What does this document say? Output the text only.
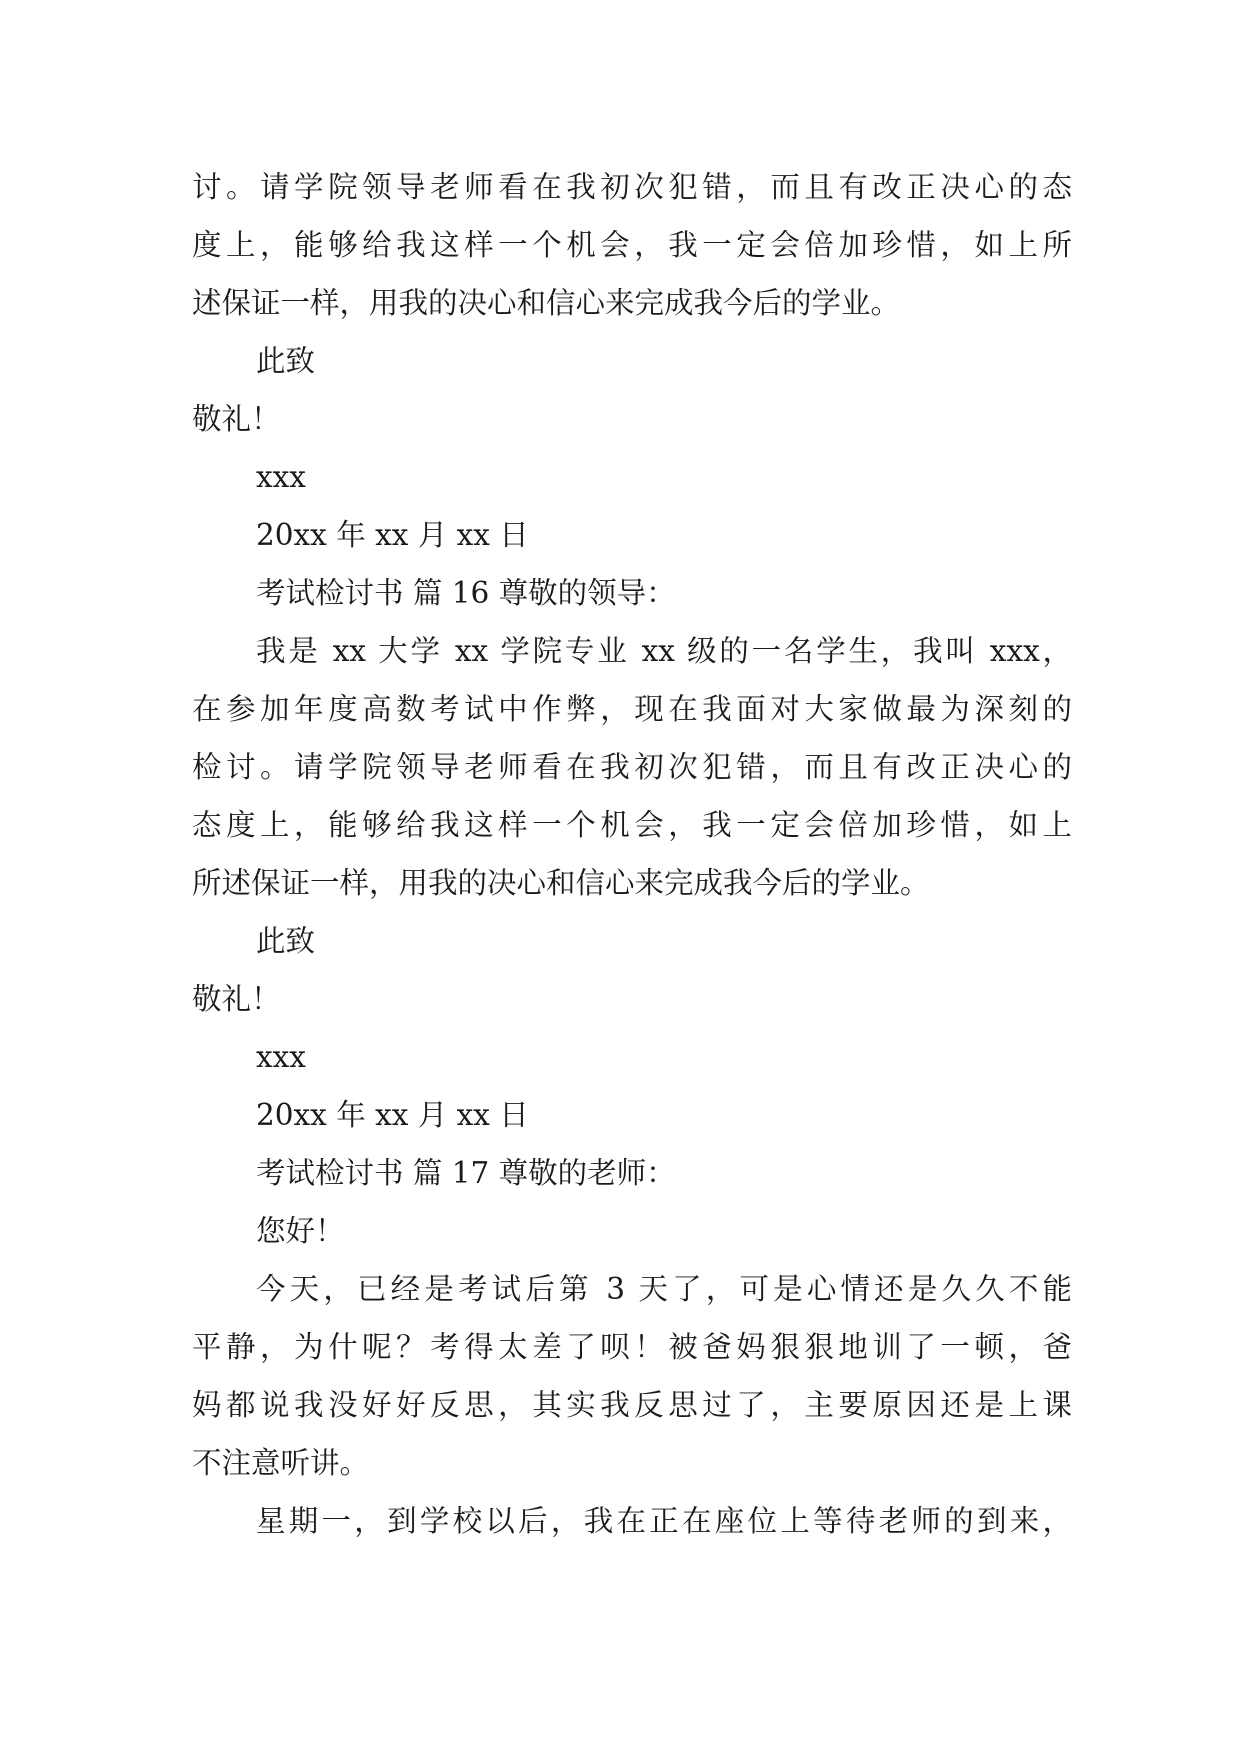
讨。请学院领导老师看在我初次犯错，而且有改正决心的态
度上，能够给我这样一个机会，我一定会倍加珍惜，如上所
述保证一样，用我的决心和信心来完成我今后的学业。
此致
敬礼！
xxx
20xx 年 xx 月 xx 日
考试检讨书 篇 16 尊敬的领导：
我是 xx 大学 xx 学院专业 xx 级的一名学生，我叫 xxx，
在参加年度高数考试中作弊，现在我面对大家做最为深刻的
检讨。请学院领导老师看在我初次犯错，而且有改正决心的
态度上，能够给我这样一个机会，我一定会倍加珍惜，如上
所述保证一样，用我的决心和信心来完成我今后的学业。
此致
敬礼！
xxx
20xx 年 xx 月 xx 日
考试检讨书 篇 17 尊敬的老师：
您好！
今天，已经是考试后第 3 天了，可是心情还是久久不能
平静，为什呢？考得太差了呗！被爸妈狠狠地训了一顿，爸
妈都说我没好好反思，其实我反思过了，主要原因还是上课
不注意听讲。
星期一，到学校以后，我在正在座位上等待老师的到来，
